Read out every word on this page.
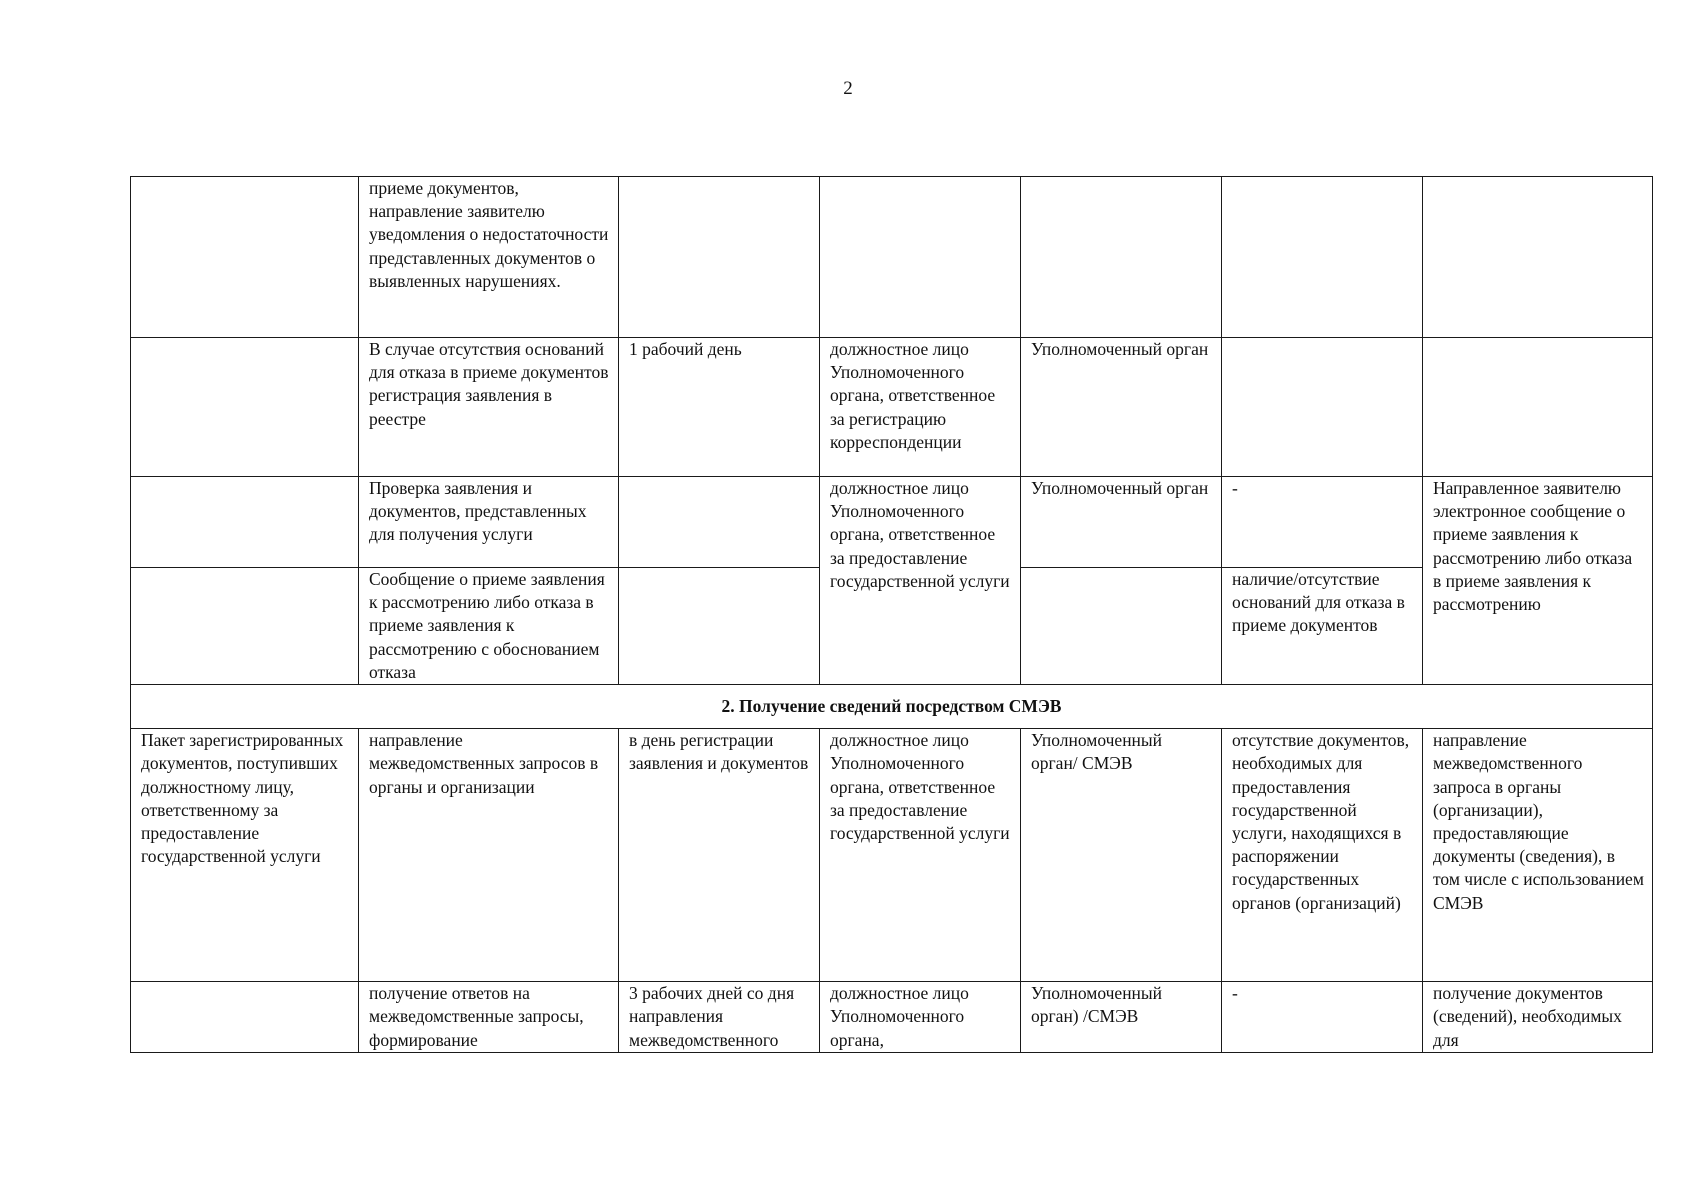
2
	приеме документов, направление заявителю уведомления о недостаточности представленных документов о выявленных нарушениях.					
	В случае отсутствия оснований для отказа в приеме документов регистрация заявления в реестре	1 рабочий день	должностное лицо Уполномоченного органа, ответственное за регистрацию корреспонденции	Уполномоченный орган		
	Проверка заявления и документов, представленных для получения услуги		должностное лицо Уполномоченного органа, ответственное за предоставление государственной услуги	Уполномоченный орган	-	Направленное заявителю электронное сообщение о приеме заявления к рассмотрению либо отказа в приеме заявления к рассмотрению
	Сообщение о приеме заявления к рассмотрению либо отказа в приеме заявления к рассмотрению с обоснованием отказа				наличие/отсутствие оснований для отказа в приеме документов	
2. Получение сведений посредством СМЭВ						
Пакет зарегистрированных документов, поступивших должностному лицу, ответственному за предоставление государственной услуги	направление межведомственных запросов в органы и организации	в день регистрации заявления и документов	должностное лицо Уполномоченного органа, ответственное за предоставление государственной услуги	Уполномоченный орган/ СМЭВ	отсутствие документов, необходимых для предоставления государственной услуги, находящихся в распоряжении государственных органов (организаций)	направление межведомственного запроса в органы (организации), предоставляющие документы (сведения), в том числе с использованием СМЭВ
	получение ответов на межведомственные запросы, формирование	3 рабочих дней со дня направления межведомственного	должностное лицо Уполномоченного органа,	Уполномоченный орган) /СМЭВ	-	получение документов (сведений), необходимых для
